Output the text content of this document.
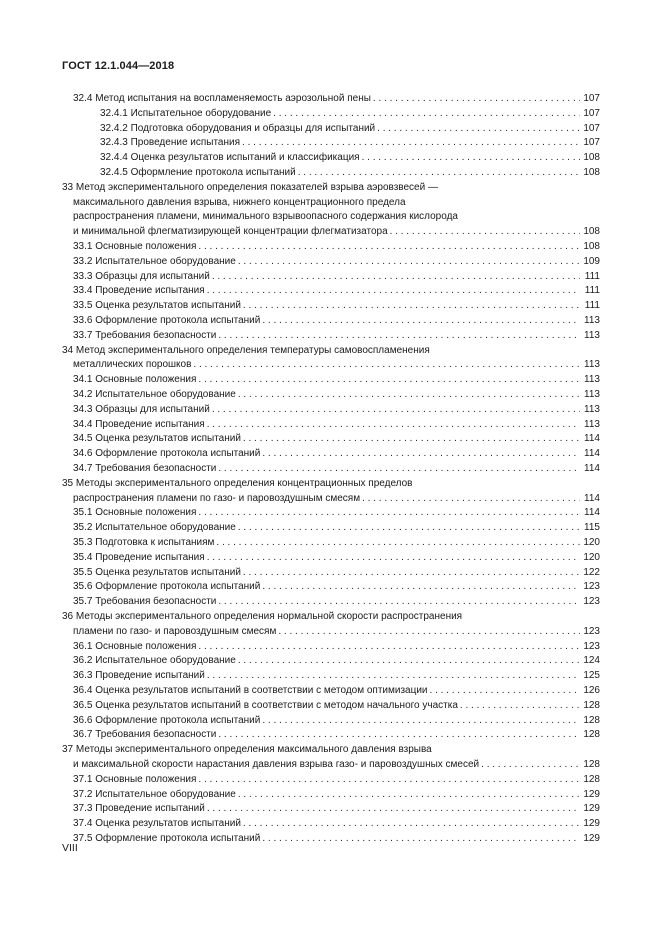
ГОСТ 12.1.044—2018
32.4 Метод испытания на воспламеняемость аэрозольной пены . . .	107
32.4.1 Испытательное оборудование . . .	107
32.4.2 Подготовка оборудования и образцы для испытаний . . .	107
32.4.3 Проведение испытания . . .	107
32.4.4 Оценка результатов испытаний и классификация . . .	108
32.4.5 Оформление протокола испытаний . . .	108
33 Метод экспериментального определения показателей взрыва аэровзвесей —
максимального давления взрыва, нижнего концентрационного предела
распространения пламени, минимального взрывоопасного содержания кислорода
и минимальной флегматизирующей концентрации флегматизатора . . .	108
33.1 Основные положения . . .	108
33.2 Испытательное оборудование . . .	109
33.3 Образцы для испытаний . . .	111
33.4 Проведение испытания . . .	111
33.5 Оценка результатов испытаний . . .	111
33.6 Оформление протокола испытаний . . .	113
33.7 Требования безопасности . . .	113
34 Метод экспериментального определения температуры самовоспламенения
металлических порошков . . .	113
34.1 Основные положения . . .	113
34.2 Испытательное оборудование . . .	113
34.3 Образцы для испытаний . . .	113
34.4 Проведение испытания . . .	113
34.5 Оценка результатов испытаний . . .	114
34.6 Оформление протокола испытаний . . .	114
34.7 Требования безопасности . . .	114
35 Методы экспериментального определения концентрационных пределов
распространения пламени по газо- и паровоздушным смесям . . .	114
35.1 Основные положения . . .	114
35.2 Испытательное оборудование . . .	115
35.3 Подготовка к испытаниям . . .	120
35.4 Проведение испытания . . .	120
35.5 Оценка результатов испытаний . . .	122
35.6 Оформление протокола испытаний . . .	123
35.7 Требования безопасности . . .	123
36 Методы экспериментального определения нормальной скорости распространения
пламени по газо- и паровоздушным смесям . . .	123
36.1 Основные положения . . .	123
36.2 Испытательное оборудование . . .	124
36.3 Проведение испытаний . . .	125
36.4 Оценка результатов испытаний в соответствии с методом оптимизации . . .	126
36.5 Оценка результатов испытаний в соответствии с методом начального участка . . .	128
36.6 Оформление протокола испытаний . . .	128
36.7 Требования безопасности . . .	128
37 Методы экспериментального определения максимального давления взрыва
и максимальной скорости нарастания давления взрыва газо- и паровоздушных смесей . . .	128
37.1 Основные положения . . .	128
37.2 Испытательное оборудование . . .	129
37.3 Проведение испытаний . . .	129
37.4 Оценка результатов испытаний . . .	129
37.5 Оформление протокола испытаний . . .	129
VIII
